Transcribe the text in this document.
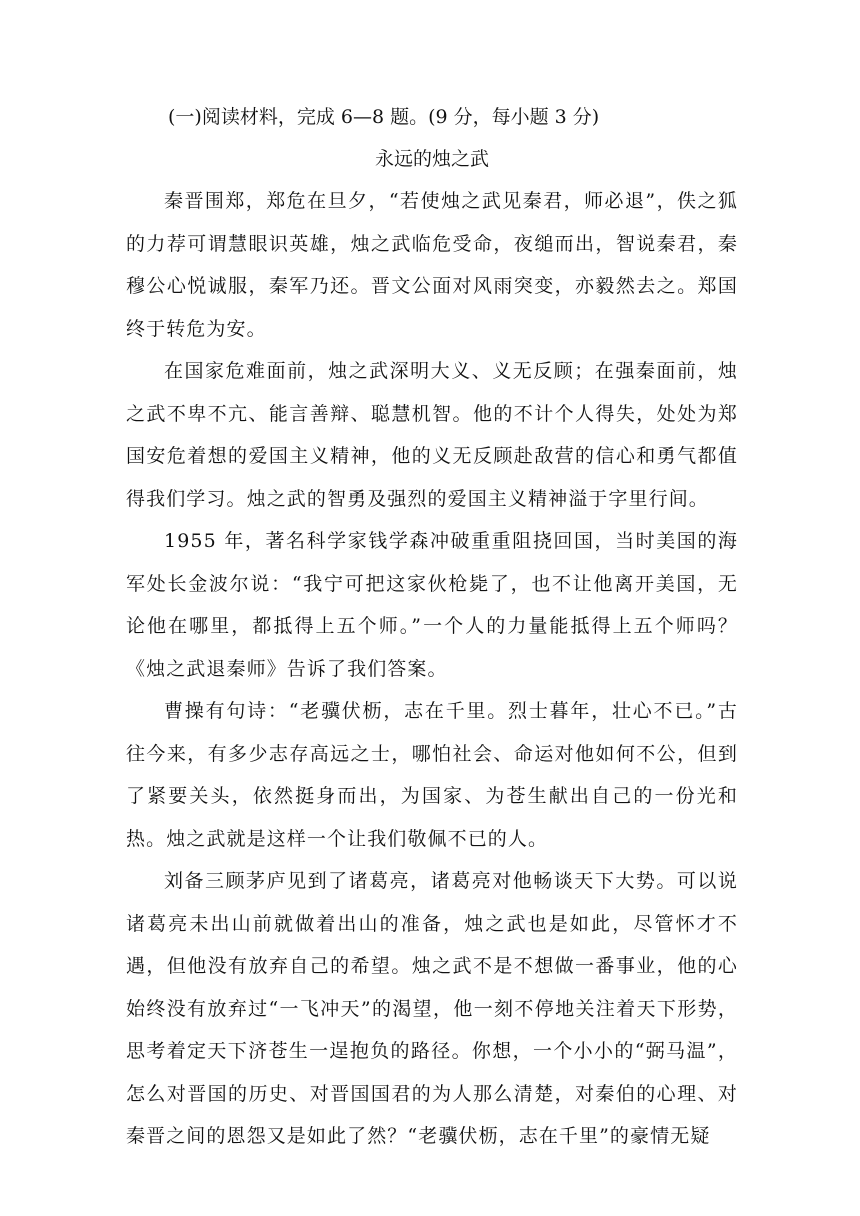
(一)阅读材料，完成 6—8 题。(9 分，每小题 3 分)

永远的烛之武

秦晋围郑，郑危在旦夕，“若使烛之武见秦君，师必退”，佚之狐的力荐可谓慧眼识英雄，烛之武临危受命，夜缒而出，智说秦君，秦穆公心悦诚服，秦军乃还。晋文公面对风雨突变，亦毅然去之。郑国终于转危为安。

在国家危难面前，烛之武深明大义、义无反顾；在强秦面前，烛之武不卑不亢、能言善辩、聪慧机智。他的不计个人得失，处处为郑国安危着想的爱国主义精神，他的义无反顾赴敌营的信心和勇气都值得我们学习。烛之武的智勇及强烈的爱国主义精神溢于字里行间。

1955 年，著名科学家钱学森冲破重重阻挠回国，当时美国的海军处长金波尔说：“我宁可把这家伙枪毙了，也不让他离开美国，无论他在哪里，都抵得上五个师。”一个人的力量能抵得上五个师吗？《烛之武退秦师》告诉了我们答案。

曹操有句诗：“老骥伏枥，志在千里。烈士暮年，壮心不已。”古往今来，有多少志存高远之士，哪怕社会、命运对他如何不公，但到了紧要关头，依然挺身而出，为国家、为苍生献出自己的一份光和热。烛之武就是这样一个让我们敬佩不已的人。

刘备三顾茅庐见到了诸葛亮，诸葛亮对他畅谈天下大势。可以说诸葛亮未出山前就做着出山的准备，烛之武也是如此，尽管怀才不遇，但他没有放弃自己的希望。烛之武不是不想做一番事业，他的心始终没有放弃过“一飞冲天”的渴望，他一刻不停地关注着天下形势，思考着定天下济苍生一逞抱负的路径。你想，一个小小的“弼马温”，怎么对晋国的历史、对晋国国君的为人那么清楚，对秦伯的心理、对秦晋之间的恩怨又是如此了然？“老骥伏枥，志在千里”的豪情无疑
